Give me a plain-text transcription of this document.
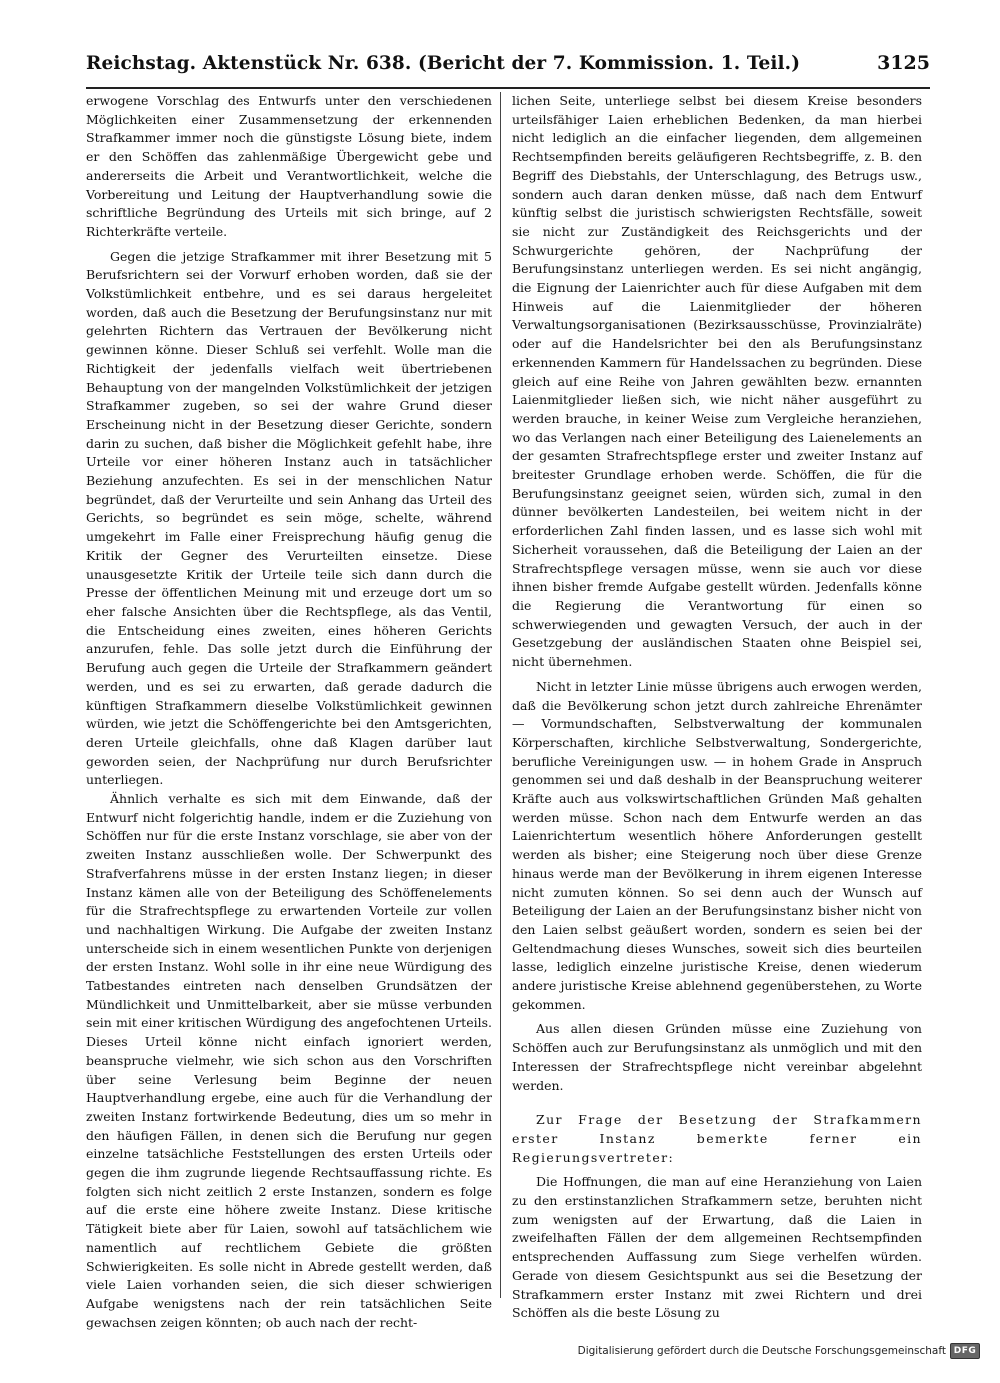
Reichstag. Aktenstück Nr. 638. (Bericht der 7. Kommission. 1. Teil.)	3125

erwogene Vorschlag des Entwurfs unter den verschiedenen Möglichkeiten einer Zusammensetzung der erkennenden Strafkammer immer noch die günstigste Lösung biete, indem er den Schöffen das zahlenmäßige Übergewicht gebe und andererseits die Arbeit und Verantwortlichkeit, welche die Vorbereitung und Leitung der Hauptverhandlung sowie die schriftliche Begründung des Urteils mit sich bringe, auf 2 Richterkräfte verteile.

Gegen die jetzige Strafkammer mit ihrer Besetzung mit 5 Berufsrichtern sei der Vorwurf erhoben worden, daß sie der Volkstümlichkeit entbehre, und es sei daraus hergeleitet worden, daß auch die Besetzung der Berufungsinstanz nur mit gelehrten Richtern das Vertrauen der Bevölkerung nicht gewinnen könne. Dieser Schluß sei verfehlt. Wolle man die Richtigkeit der jedenfalls vielfach weit übertriebenen Behauptung von der mangelnden Volkstümlichkeit der jetzigen Strafkammer zugeben, so sei der wahre Grund dieser Erscheinung nicht in der Besetzung dieser Gerichte, sondern darin zu suchen, daß bisher die Möglichkeit gefehlt habe, ihre Urteile vor einer höheren Instanz auch in tatsächlicher Beziehung anzufechten. Es sei in der menschlichen Natur begründet, daß der Verurteilte und sein Anhang das Urteil des Gerichts, so begründet es sein möge, schelte, während umgekehrt im Falle einer Freisprechung häufig genug die Kritik der Gegner des Verurteilten einsetze. Diese unausgesetzte Kritik der Urteile teile sich dann durch die Presse der öffentlichen Meinung mit und erzeuge dort um so eher falsche Ansichten über die Rechtspflege, als das Ventil, die Entscheidung eines zweiten, eines höheren Gerichts anzurufen, fehle. Das solle jetzt durch die Einführung der Berufung auch gegen die Urteile der Strafkammern geändert werden, und es sei zu erwarten, daß gerade dadurch die künftigen Strafkammern dieselbe Volkstümlichkeit gewinnen würden, wie jetzt die Schöffengerichte bei den Amtsgerichten, deren Urteile gleichfalls, ohne daß Klagen darüber laut geworden seien, der Nachprüfung nur durch Berufsrichter unterliegen.

Ähnlich verhalte es sich mit dem Einwande, daß der Entwurf nicht folgerichtig handle, indem er die Zuziehung von Schöffen nur für die erste Instanz vorschlage, sie aber von der zweiten Instanz ausschließen wolle. Der Schwerpunkt des Strafverfahrens müsse in der ersten Instanz liegen; in dieser Instanz kämen alle von der Beteiligung des Schöffenelements für die Strafrechtspflege zu erwartenden Vorteile zur vollen und nachhaltigen Wirkung. Die Aufgabe der zweiten Instanz unterscheide sich in einem wesentlichen Punkte von derjenigen der ersten Instanz. Wohl solle in ihr eine neue Würdigung des Tatbestandes eintreten nach denselben Grundsätzen der Mündlichkeit und Unmittelbarkeit, aber sie müsse verbunden sein mit einer kritischen Würdigung des angefochtenen Urteils. Dieses Urteil könne nicht einfach ignoriert werden, beanspruche vielmehr, wie sich schon aus den Vorschriften über seine Verlesung beim Beginne der neuen Hauptverhandlung ergebe, eine auch für die Verhandlung der zweiten Instanz fortwirkende Bedeutung, dies um so mehr in den häufigen Fällen, in denen sich die Berufung nur gegen einzelne tatsächliche Feststellungen des ersten Urteils oder gegen die ihm zugrunde liegende Rechtsauffassung richte. Es folgten sich nicht zeitlich 2 erste Instanzen, sondern es folge auf die erste eine höhere zweite Instanz. Diese kritische Tätigkeit biete aber für Laien, sowohl auf tatsächlichem wie namentlich auf rechtlichem Gebiete die größten Schwierigkeiten. Es solle nicht in Abrede gestellt werden, daß viele Laien vorhanden seien, die sich dieser schwierigen Aufgabe wenigstens nach der rein tatsächlichen Seite gewachsen zeigen könnten; ob auch nach der recht-

lichen Seite, unterliege selbst bei diesem Kreise besonders urteilsfähiger Laien erheblichen Bedenken, da man hierbei nicht lediglich an die einfacher liegenden, dem allgemeinen Rechtsempfinden bereits geläufigeren Rechtsbegriffe, z. B. den Begriff des Diebstahls, der Unterschlagung, des Betrugs usw., sondern auch daran denken müsse, daß nach dem Entwurf künftig selbst die juristisch schwierigsten Rechtsfälle, soweit sie nicht zur Zuständigkeit des Reichsgerichts und der Schwurgerichte gehören, der Nachprüfung der Berufungsinstanz unterliegen werden. Es sei nicht angängig, die Eignung der Laienrichter auch für diese Aufgaben mit dem Hinweis auf die Laienmitglieder der höheren Verwaltungsorganisationen (Bezirksausschüsse, Provinzialräte) oder auf die Handelsrichter bei den als Berufungsinstanz erkennenden Kammern für Handelssachen zu begründen. Diese gleich auf eine Reihe von Jahren gewählten bezw. ernannten Laienmitglieder ließen sich, wie nicht näher ausgeführt zu werden brauche, in keiner Weise zum Vergleiche heranziehen, wo das Verlangen nach einer Beteiligung des Laienelements an der gesamten Strafrechtspflege erster und zweiter Instanz auf breitester Grundlage erhoben werde. Schöffen, die für die Berufungsinstanz geeignet seien, würden sich, zumal in den dünner bevölkerten Landesteilen, bei weitem nicht in der erforderlichen Zahl finden lassen, und es lasse sich wohl mit Sicherheit voraussehen, daß die Beteiligung der Laien an der Strafrechtspflege versagen müsse, wenn sie auch vor diese ihnen bisher fremde Aufgabe gestellt würden. Jedenfalls könne die Regierung die Verantwortung für einen so schwerwiegenden und gewagten Versuch, der auch in der Gesetzgebung der ausländischen Staaten ohne Beispiel sei, nicht übernehmen.

Nicht in letzter Linie müsse übrigens auch erwogen werden, daß die Bevölkerung schon jetzt durch zahlreiche Ehrenämter — Vormundschaften, Selbstverwaltung der kommunalen Körperschaften, kirchliche Selbstverwaltung, Sondergerichte, berufliche Vereinigungen usw. — in hohem Grade in Anspruch genommen sei und daß deshalb in der Beanspruchung weiterer Kräfte auch aus volkswirtschaftlichen Gründen Maß gehalten werden müsse. Schon nach dem Entwurfe werden an das Laienrichtertum wesentlich höhere Anforderungen gestellt werden als bisher; eine Steigerung noch über diese Grenze hinaus werde man der Bevölkerung in ihrem eigenen Interesse nicht zumuten können. So sei denn auch der Wunsch auf Beteiligung der Laien an der Berufungsinstanz bisher nicht von den Laien selbst geäußert worden, sondern es seien bei der Geltendmachung dieses Wunsches, soweit sich dies beurteilen lasse, lediglich einzelne juristische Kreise, denen wiederum andere juristische Kreise ablehnend gegenüberstehen, zu Worte gekommen.

Aus allen diesen Gründen müsse eine Zuziehung von Schöffen auch zur Berufungsinstanz als unmöglich und mit den Interessen der Strafrechtspflege nicht vereinbar abgelehnt werden.

Zur Frage der Besetzung der Strafkammern erster Instanz bemerkte ferner ein Regierungsvertreter:

Die Hoffnungen, die man auf eine Heranziehung von Laien zu den erstinstanzlichen Strafkammern setze, beruhten nicht zum wenigsten auf der Erwartung, daß die Laien in zweifelhaften Fällen der dem allgemeinen Rechtsempfinden entsprechenden Auffassung zum Siege verhelfen würden. Gerade von diesem Gesichtspunkt aus sei die Besetzung der Strafkammern erster Instanz mit zwei Richtern und drei Schöffen als die beste Lösung zu

Digitalisierung gefördert durch die Deutsche Forschungsgemeinschaft DFG
